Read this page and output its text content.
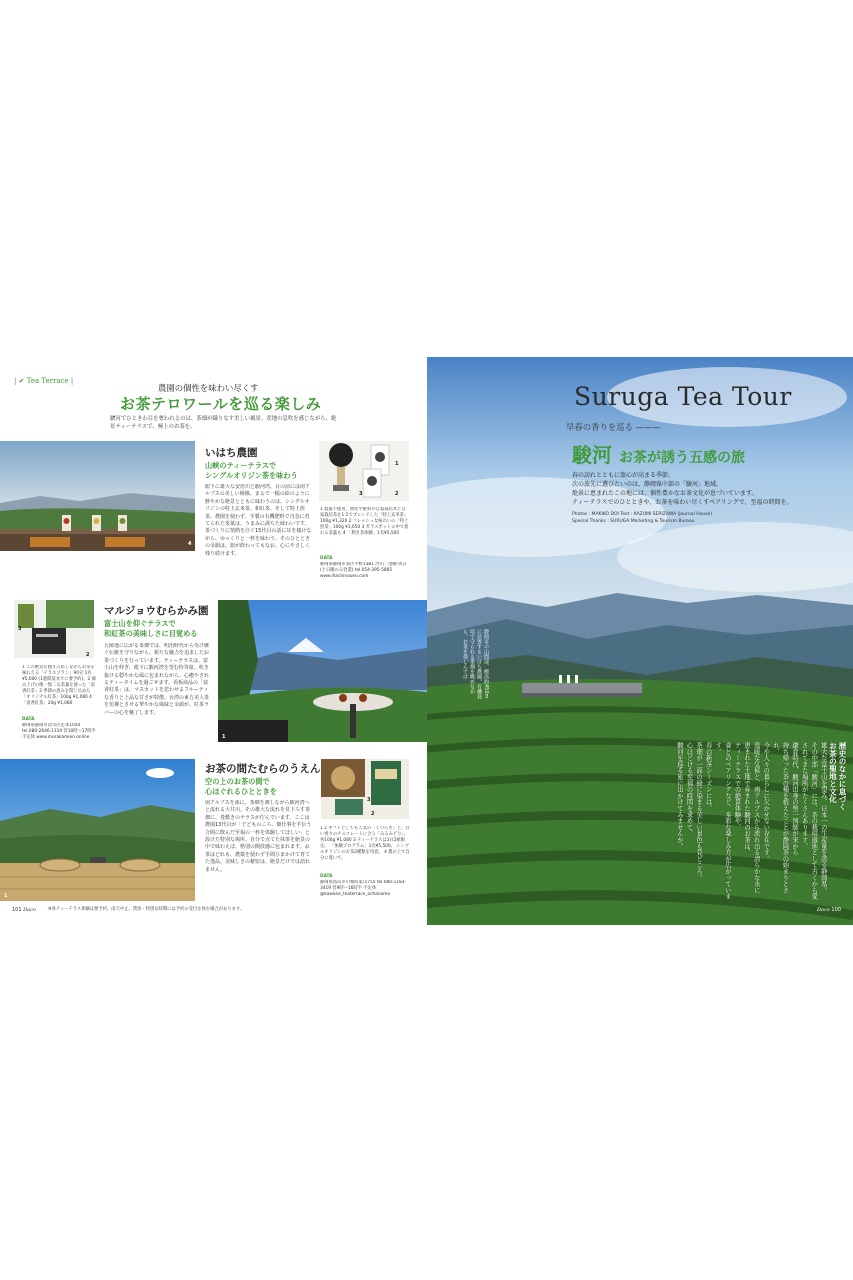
| ✔ Tea Terrace |
農園の個性を味わい尽くす
お茶テロワールを巡る楽しみ
駿河でひときわ目を奪われるのは、茶畑が織りなす美しい風景。産地の息吹を感じながら、絶景ティーテラスで、極上のお茶を。
4
いはち農園
山峡のティーテラスで
シングルオリジン茶を味わう
眼下に雄大な安倍川と駿河湾、目の前には南アルプスの美しい稜線。まるで一幅の絵のように鮮やかな絶景とともに味わうのは、シングルオリジンの特上玄米茶、和紅茶、そして特上煎茶。農園を使わず、手製の有機肥料で丹念に育てられた茶葉は、うまみに満ちた味わいです。茶づくりに情熱を注ぐ15代目の話に耳を傾けながら、ゆっくりと一杯を味わう。そのひとときの余韻は、旅が終わってもなお、心にやさしく残り続けます。
1
2
3
1 農薬不使用、無化学肥料の自家栽培米と自家栽培茶を1:1でブレンドした「特上玄米茶」100g ¥1,320 2 フレッシュな味わいの「特上煎茶」100g ¥1,650 3 ガラスポットの中で揺れる茶葉も 4 「利き茶体験」1名¥5,500
DATA
静岡県静岡市葵区平野1381 渋川一金曜 周日(土日曜のみ営業) tel.054-395-5865 www.ihachinouen.com
3
2
1 この絶景を独り占めしながらお茶を味わえる「テラスプラン」90分 1名¥5,000 (1週間前までに要予約)。2 摘み上げの唯一無二な茶葉を使った「富香紅茶」3 季節の恵みを閉じ込めた「オリジナル紅茶」100g ¥1,080 4 「富香紅茶」20g ¥1,080
DATA
静岡県静岡市清水区足本1050 tel.080-2646-1119 営10時〜17時半 不定休 www.murakamien.online
マルジョウむらかみ園
富士山を仰ぐテラスで
和紅茶の美味しさに目覚める
丘陵地に広がる茶畑では、明治時代から受け継ぐ伝統を守りながら、新たな魅力を追求したお茶づくりを行っています。ティーテラスは、富士山を仰ぎ、眼下に駿河湾を望む特等席。吹き抜ける穏やかな風に包まれながら、心癒やされるティータイムを過ごせます。看板商品の「富香紅茶」は、マスカットを思わせるフルーティな香りと上品な甘さが特徴。台湾の東方美人茶を彷彿とさせる華やかな風味と余韻が、紅茶ラバーの心を魅了します。
1
1
お茶の間たむらのうえん
空の上のお茶の間で
心ほぐれるひとときを
南アルプスを源に、茶畑を潤しながら駿河湾へと流れる大井川。その雄大な流れを見下ろす茶畑に、畳敷きのテラスが佇んでいます。ここは農園13代目が「子どものころ、畑仕事を手伝う合間に飲んだ至福の一杯を体験してほしい」と設けた特別な場所。自分で点てた抹茶を絶景の中で味わえば、格別の開放感に包まれます。お茶はどれも、農薬を使わず手間ひまかけて育てた逸品。美味しさの秘密は、絶景だけでは語れません。
2
3
1 2 ギフトとしても人気の「くつろぎ」と、甘い香りのチョコレートに合う「みるみどり」。各100g ¥1,080 3 ティーテラスは1日2組限定。 「体験プログラム」1名¥5,500。 シングルオリジンのお茶2種類を用意。 4 農の上で自分に寛いで。
DATA
静岡県島田市川根町家山755 tel.080-1183-3419 営9時〜16時半 不定休 @kawane_teaterrace_ochanoma
101 Daco	※各ティーテラス体験は要予約。雨天中止。貸切・特別な時期には予約の受付を休む場合があります。
Suruga Tea Tour
早春の香りを巡る ———
駿河 お茶が誘う五感の旅
春の訪れとともに旅心が高まる季節。
次の旅先に選びたいのは、静岡県中部の「駿河」地域。
絶景に恵まれたこの地には、個性豊かなお茶文化が息づいています。
ティーテラスでのひとときや、お茶を味わい尽くすペアリングで、至福の時間を。
Photos : MAKIKO DOI Text : KAZUMI SERIZAWA (Journal House)
Special Thanks : SURUGA Marketing & Tourism Bureau
静岡市の山間部、標高約450mに位置するいはち農園。有機栽培で守られる茶畑を眺めながら、お茶を楽しんでは
歴史のなかに息づく
お茶の聖地と文化
雄大な富士山を望み、日本一の生産量を誇る静岡県。
その中部「駿河」には、茶の栽培適地として古くから愛されてきた場所がたくさんあります。
鎌倉時代、駿河出身の聖一国師が宋から
持ち帰った茶の種を植えたことが静岡茶の始まりとされ、
今や人々の暮らしに欠かせない存在です。
温暖な気候と、南アルプスから流れ出る清らかな水に
恵まれた土地で育まれた駿河のお茶は、
ティーテラスでの絶景体験や、
食とのペアリングなど、多彩な楽しみ方が広がっています。
春の新茶シーズンには、
茶畑が一面の緑に染まる美しい景色も見どころ。
心ほどける至福の時間を求めて、
駿河を巡る旅に出かけてみませんか。
Daco 100
